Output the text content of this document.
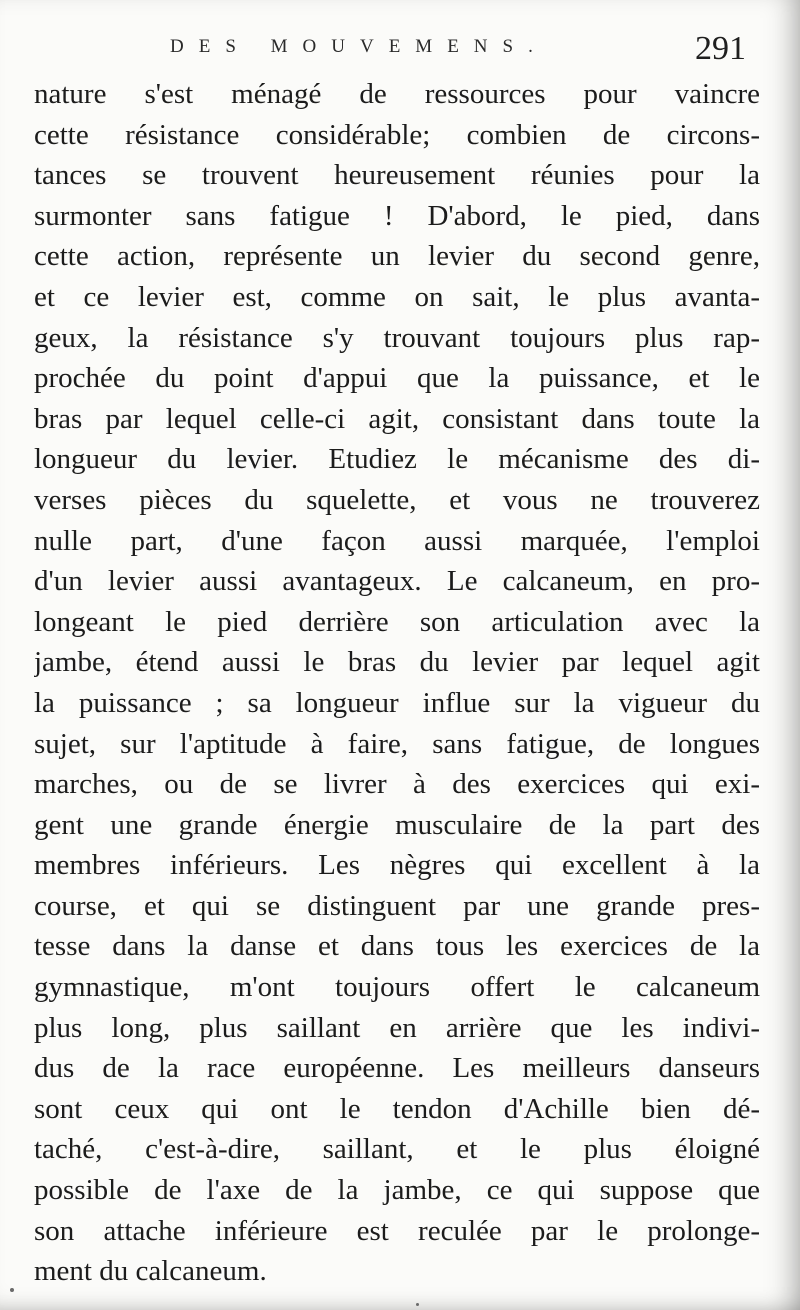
DES MOUVEMENS.	291
nature s'est ménagé de ressources pour vaincre
cette résistance considérable; combien de circons-
tances se trouvent heureusement réunies pour la
surmonter sans fatigue ! D'abord, le pied, dans
cette action, représente un levier du second genre,
et ce levier est, comme on sait, le plus avanta-
geux, la résistance s'y trouvant toujours plus rap-
prochée du point d'appui que la puissance, et le
bras par lequel celle-ci agit, consistant dans toute la
longueur du levier. Etudiez le mécanisme des di-
verses pièces du squelette, et vous ne trouverez
nulle part, d'une façon aussi marquée, l'emploi
d'un levier aussi avantageux. Le calcaneum, en pro-
longeant le pied derrière son articulation avec la
jambe, étend aussi le bras du levier par lequel agit
la puissance ; sa longueur influe sur la vigueur du
sujet, sur l'aptitude à faire, sans fatigue, de longues
marches, ou de se livrer à des exercices qui exi-
gent une grande énergie musculaire de la part des
membres inférieurs. Les nègres qui excellent à la
course, et qui se distinguent par une grande pres-
tesse dans la danse et dans tous les exercices de la
gymnastique, m'ont toujours offert le calcaneum
plus long, plus saillant en arrière que les indivi-
dus de la race européenne. Les meilleurs danseurs
sont ceux qui ont le tendon d'Achille bien dé-
taché, c'est-à-dire, saillant, et le plus éloigné
possible de l'axe de la jambe, ce qui suppose que
son attache inférieure est reculée par le prolonge-
ment du calcaneum.
